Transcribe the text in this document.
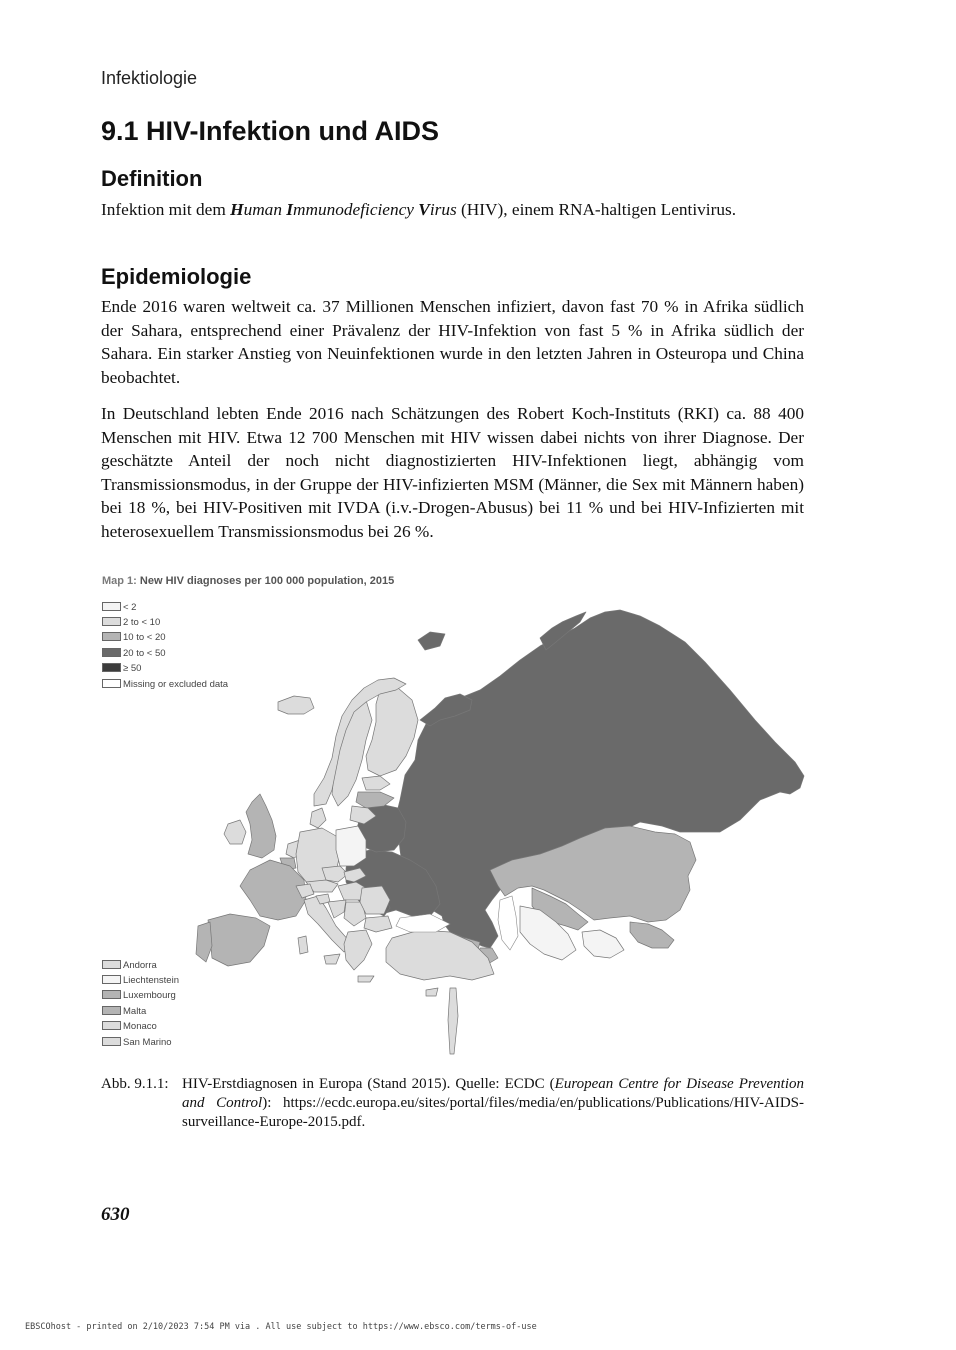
Infektiologie
9.1 HIV-Infektion und AIDS
Definition

Infektion mit dem Human Immunodeficiency Virus (HIV), einem RNA-haltigen Lentivirus.

Epidemiologie

Ende 2016 waren weltweit ca. 37 Millionen Menschen infiziert, davon fast 70 % in Afrika südlich der Sahara, entsprechend einer Prävalenz der HIV-Infektion von fast 5 % in Afrika südlich der Sahara. Ein starker Anstieg von Neuinfektionen wurde in den letzten Jahren in Osteuropa und China beobachtet.

In Deutschland lebten Ende 2016 nach Schätzungen des Robert Koch-Instituts (RKI) ca. 88 400 Menschen mit HIV. Etwa 12 700 Menschen mit HIV wissen dabei nichts von ihrer Diagnose. Der geschätzte Anteil der noch nicht diagnostizierten HIV-Infektionen liegt, abhängig vom Transmissionsmodus, in der Gruppe der HIV-infizierten MSM (Männer, die Sex mit Männern haben) bei 18 %, bei HIV-Positiven mit IVDA (i.v.-Drogen-Abusus) bei 11 % und bei HIV-Infizierten mit heterosexuellem Transmissionsmodus bei 26 %.

Map 1: New HIV diagnoses per 100 000 population, 2015
< 2
2 to < 10
10 to < 20
20 to < 50
≥ 50
Missing or excluded data
Andorra
Liechtenstein
Luxembourg
Malta
Monaco
San Marino
Abb. 9.1.1: HIV-Erstdiagnosen in Europa (Stand 2015). Quelle: ECDC (European Centre for Disease Prevention and Control): https://ecdc.europa.eu/sites/portal/files/media/en/publications/Publications/HIV-AIDS-surveillance-Europe-2015.pdf.
630
EBSCOhost - printed on 2/10/2023 7:54 PM via . All use subject to https://www.ebsco.com/terms-of-use
